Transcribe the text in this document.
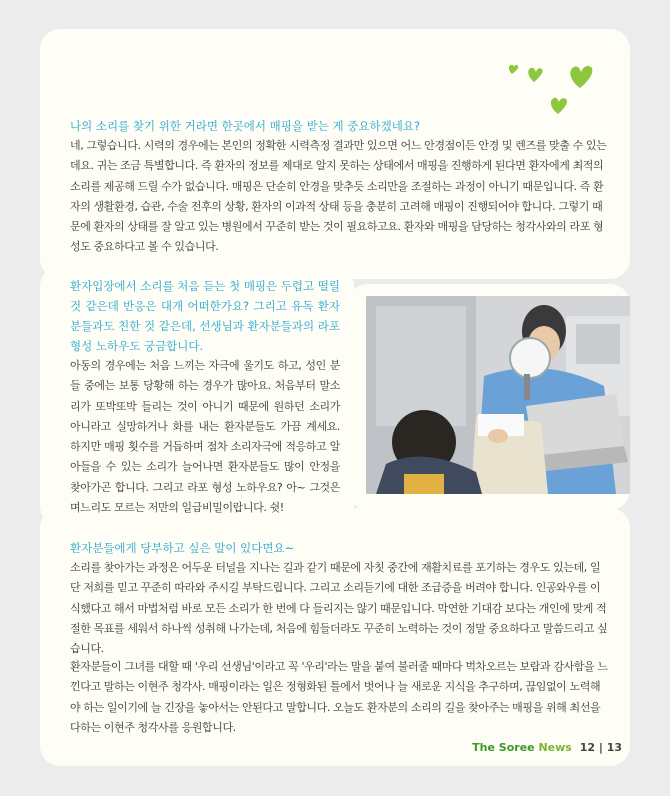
나의 소리를 찾기 위한 거라면 한곳에서 매핑을 받는 게 중요하겠네요?

네, 그렇습니다. 시력의 경우에는 본인의 정확한 시력측정 결과만 있으면 어느 안경점이든 안경 및 렌즈를 맞출 수 있는데요. 귀는 조금 특별합니다. 즉 환자의 정보를 제대로 알지 못하는 상태에서 매핑을 진행하게 된다면 환자에게 최적의 소리를 제공해 드릴 수가 없습니다. 매핑은 단순히 안경을 맞추듯 소리만을 조절하는 과정이 아니기 때문입니다. 즉 환자의 생활환경, 습관, 수술 전후의 상황, 환자의 이과적 상태 등을 충분히 고려해 매핑이 진행되어야 합니다. 그렇기 때문에 환자의 상태를 잘 알고 있는 병원에서 꾸준히 받는 것이 필요하고요. 환자와 매핑을 담당하는 청각사와의 라포 형성도 중요하다고 볼 수 있습니다.

환자입장에서 소리를 처음 듣는 첫 매핑은 두렵고 떨릴 것 같은데 반응은 대개 어떠한가요? 그리고 유독 환자분들과도 친한 것 같은데, 선생님과 환자분들과의 라포 형성 노하우도 궁금합니다.

아동의 경우에는 처음 느끼는 자극에 울기도 하고, 성인 분들 중에는 보통 당황해 하는 경우가 많아요. 처음부터 말소리가 또박또박 들리는 것이 아니기 때문에 원하던 소리가 아니라고 실망하거나 화를 내는 환자분들도 가끔 계세요. 하지만 매핑 횟수를 거듭하며 점차 소리자극에 적응하고 알아들을 수 있는 소리가 늘어나면 환자분들도 많이 안정을 찾아가곤 합니다. 그리고 라포 형성 노하우요? 아~ 그것은 며느리도 모르는 저만의 일급비밀이랍니다. 쉿!

환자분들에게 당부하고 싶은 말이 있다면요~

소리를 찾아가는 과정은 어두운 터널을 지나는 길과 같기 때문에 자칫 중간에 재활치료를 포기하는 경우도 있는데, 일단 저희를 믿고 꾸준히 따라와 주시길 부탁드립니다. 그리고 소리듣기에 대한 조급증을 버려야 합니다. 인공와우를 이식했다고 해서 마법처럼 바로 모든 소리가 한 번에 다 들리지는 않기 때문입니다. 막연한 기대감 보다는 개인에 맞게 적절한 목표를 세워서 하나씩 성취해 나가는데, 처음에 힘들더라도 꾸준히 노력하는 것이 정말 중요하다고 말씀드리고 싶습니다.

환자분들이 그녀를 대할 때 '우리 선생님'이라고 꼭 '우리'라는 말을 붙여 불러줄 때마다 벅차오르는 보람과 감사함을 느낀다고 말하는 이현주 청각사. 매핑이라는 일은 정형화된 틀에서 벗어나 늘 새로운 지식을 추구하며, 끊임없이 노력해야 하는 일이기에 늘 긴장을 놓아서는 안된다고 말합니다. 오늘도 환자분의 소리의 길을 찾아주는 매핑을 위해 최선을 다하는 이현주 청각사를 응원합니다.

The Soree News 12 | 13
